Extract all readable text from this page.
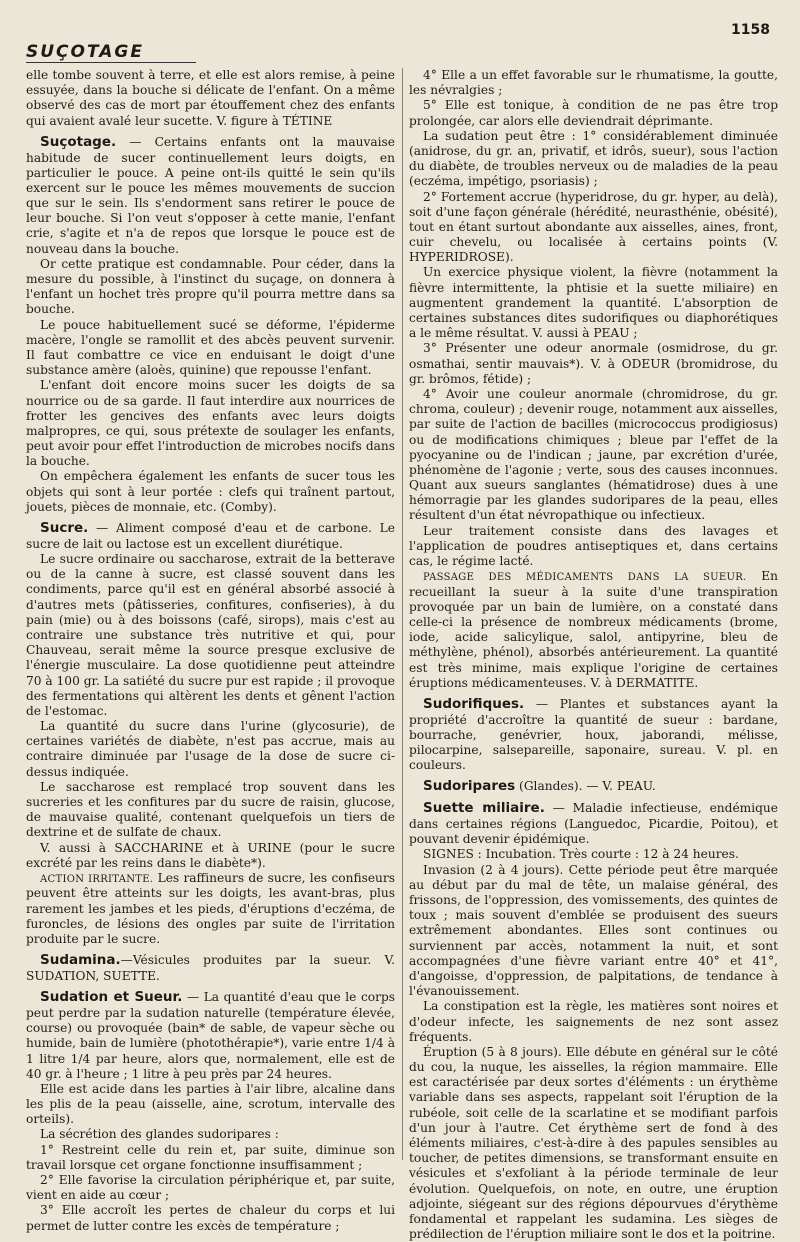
SUÇOTAGE
1158

elle tombe souvent à terre, et elle est alors remise, à peine essuyée, dans la bouche si délicate de l'enfant. On a même observé des cas de mort par étouffement chez des enfants qui avaient avalé leur sucette. V. figure à TÉTINE

Suçotage. — Certains enfants ont la mauvaise habitude de sucer continuellement leurs doigts, en particulier le pouce. A peine ont-ils quitté le sein qu'ils exercent sur le pouce les mêmes mouvements de succion que sur le sein. Ils s'endorment sans retirer le pouce de leur bouche. Si l'on veut s'opposer à cette manie, l'enfant crie, s'agite et n'a de repos que lorsque le pouce est de nouveau dans la bouche.

Or cette pratique est condamnable. Pour céder, dans la mesure du possible, à l'instinct du suçage, on donnera à l'enfant un hochet très propre qu'il pourra mettre dans sa bouche.

Le pouce habituellement sucé se déforme, l'épiderme macère, l'ongle se ramollit et des abcès peuvent survenir. Il faut combattre ce vice en enduisant le doigt d'une substance amère (aloès, quinine) que repousse l'enfant.

L'enfant doit encore moins sucer les doigts de sa nourrice ou de sa garde. Il faut interdire aux nourrices de frotter les gencives des enfants avec leurs doigts malpropres, ce qui, sous prétexte de soulager les enfants, peut avoir pour effet l'introduction de microbes nocifs dans la bouche.

On empêchera également les enfants de sucer tous les objets qui sont à leur portée : clefs qui traînent partout, jouets, pièces de monnaie, etc. (Comby).

Sucre. — Aliment composé d'eau et de carbone. Le sucre de lait ou lactose est un excellent diurétique.

Le sucre ordinaire ou saccharose, extrait de la betterave ou de la canne à sucre, est classé souvent dans les condiments, parce qu'il est en général absorbé associé à d'autres mets (pâtisseries, confitures, confiseries), à du pain (mie) ou à des boissons (café, sirops), mais c'est au contraire une substance très nutritive et qui, pour Chauveau, serait même la source presque exclusive de l'énergie musculaire. La dose quotidienne peut atteindre 70 à 100 gr. La satiété du sucre pur est rapide ; il provoque des fermentations qui altèrent les dents et gênent l'action de l'estomac.

La quantité du sucre dans l'urine (glycosurie), de certaines variétés de diabète, n'est pas accrue, mais au contraire diminuée par l'usage de la dose de sucre ci-dessus indiquée.

Le saccharose est remplacé trop souvent dans les sucreries et les confitures par du sucre de raisin, glucose, de mauvaise qualité, contenant quelquefois un tiers de dextrine et de sulfate de chaux.

V. aussi à SACCHARINE et à URINE (pour le sucre excrété par les reins dans le diabète*).

ACTION IRRITANTE. Les raffineurs de sucre, les confiseurs peuvent être atteints sur les doigts, les avant-bras, plus rarement les jambes et les pieds, d'éruptions d'eczéma, de furoncles, de lésions des ongles par suite de l'irritation produite par le sucre.

Sudamina.—Vésicules produites par la sueur. V. SUDATION, SUETTE.

Sudation et Sueur. — La quantité d'eau que le corps peut perdre par la sudation naturelle (température élevée, course) ou provoquée (bain* de sable, de vapeur sèche ou humide, bain de lumière (photothérapie*), varie entre 1/4 à 1 litre 1/4 par heure, alors que, normalement, elle est de 40 gr. à l'heure ; 1 litre à peu près par 24 heures.

Elle est acide dans les parties à l'air libre, alcaline dans les plis de la peau (aisselle, aine, scrotum, intervalle des orteils).

La sécrétion des glandes sudoripares :

1° Restreint celle du rein et, par suite, diminue son travail lorsque cet organe fonctionne insuffisamment ;

2° Elle favorise la circulation périphérique et, par suite, vient en aide au cœur ;

3° Elle accroît les pertes de chaleur du corps et lui permet de lutter contre les excès de température ;

4° Elle a un effet favorable sur le rhumatisme, la goutte, les névralgies ;

5° Elle est tonique, à condition de ne pas être trop prolongée, car alors elle deviendrait déprimante.

La sudation peut être : 1° considérablement diminuée (anidrose, du gr. an, privatif, et idrôs, sueur), sous l'action du diabète, de troubles nerveux ou de maladies de la peau (eczéma, impétigo, psoriasis) ;

2° Fortement accrue (hyperidrose, du gr. hyper, au delà), soit d'une façon générale (hérédité, neurasthénie, obésité), tout en étant surtout abondante aux aisselles, aines, front, cuir chevelu, ou localisée à certains points (V. HYPERIDROSE).

Un exercice physique violent, la fièvre (notamment la fièvre intermittente, la phtisie et la suette miliaire) en augmentent grandement la quantité. L'absorption de certaines substances dites sudorifiques ou diaphorétiques a le même résultat. V. aussi à PEAU ;

3° Présenter une odeur anormale (osmidrose, du gr. osmathai, sentir mauvais*). V. à ODEUR (bromidrose, du gr. brômos, fétide) ;

4° Avoir une couleur anormale (chromidrose, du gr. chroma, couleur) ; devenir rouge, notamment aux aisselles, par suite de l'action de bacilles (micrococcus prodigiosus) ou de modifications chimiques ; bleue par l'effet de la pyocyanine ou de l'indican ; jaune, par excrétion d'urée, phénomène de l'agonie ; verte, sous des causes inconnues. Quant aux sueurs sanglantes (hématidrose) dues à une hémorragie par les glandes sudoripares de la peau, elles résultent d'un état névropathique ou infectieux.

Leur traitement consiste dans des lavages et l'application de poudres antiseptiques et, dans certains cas, le régime lacté.

PASSAGE DES MÉDICAMENTS DANS LA SUEUR. En recueillant la sueur à la suite d'une transpiration provoquée par un bain de lumière, on a constaté dans celle-ci la présence de nombreux médicaments (brome, iode, acide salicylique, salol, antipyrine, bleu de méthylène, phénol), absorbés antérieurement. La quantité est très minime, mais explique l'origine de certaines éruptions médicamenteuses. V. à DERMATITE.

Sudorifiques. — Plantes et substances ayant la propriété d'accroître la quantité de sueur : bardane, bourrache, genévrier, houx, jaborandi, mélisse, pilocarpine, salsepareille, saponaire, sureau. V. pl. en couleurs.

Sudoripares (Glandes). — V. PEAU.

Suette miliaire. — Maladie infectieuse, endémique dans certaines régions (Languedoc, Picardie, Poitou), et pouvant devenir épidémique.

SIGNES : Incubation. Très courte : 12 à 24 heures.

Invasion (2 à 4 jours). Cette période peut être marquée au début par du mal de tête, un malaise général, des frissons, de l'oppression, des vomissements, des quintes de toux ; mais souvent d'emblée se produisent des sueurs extrêmement abondantes. Elles sont continues ou surviennent par accès, notamment la nuit, et sont accompagnées d'une fièvre variant entre 40° et 41°, d'angoisse, d'oppression, de palpitations, de tendance à l'évanouissement.

La constipation est la règle, les matières sont noires et d'odeur infecte, les saignements de nez sont assez fréquents.

Éruption (5 à 8 jours). Elle débute en général sur le côté du cou, la nuque, les aisselles, la région mammaire. Elle est caractérisée par deux sortes d'éléments : un érythème variable dans ses aspects, rappelant soit l'éruption de la rubéole, soit celle de la scarlatine et se modifiant parfois d'un jour à l'autre. Cet érythème sert de fond à des éléments miliaires, c'est-à-dire à des papules sensibles au toucher, de petites dimensions, se transformant ensuite en vésicules et s'exfoliant à la période terminale de leur évolution. Quelquefois, on note, en outre, une éruption adjointe, siégeant sur des régions dépourvues d'érythème fondamental et rappelant les sudamina. Les sièges de prédilection de l'éruption miliaire sont le dos et la poitrine.
